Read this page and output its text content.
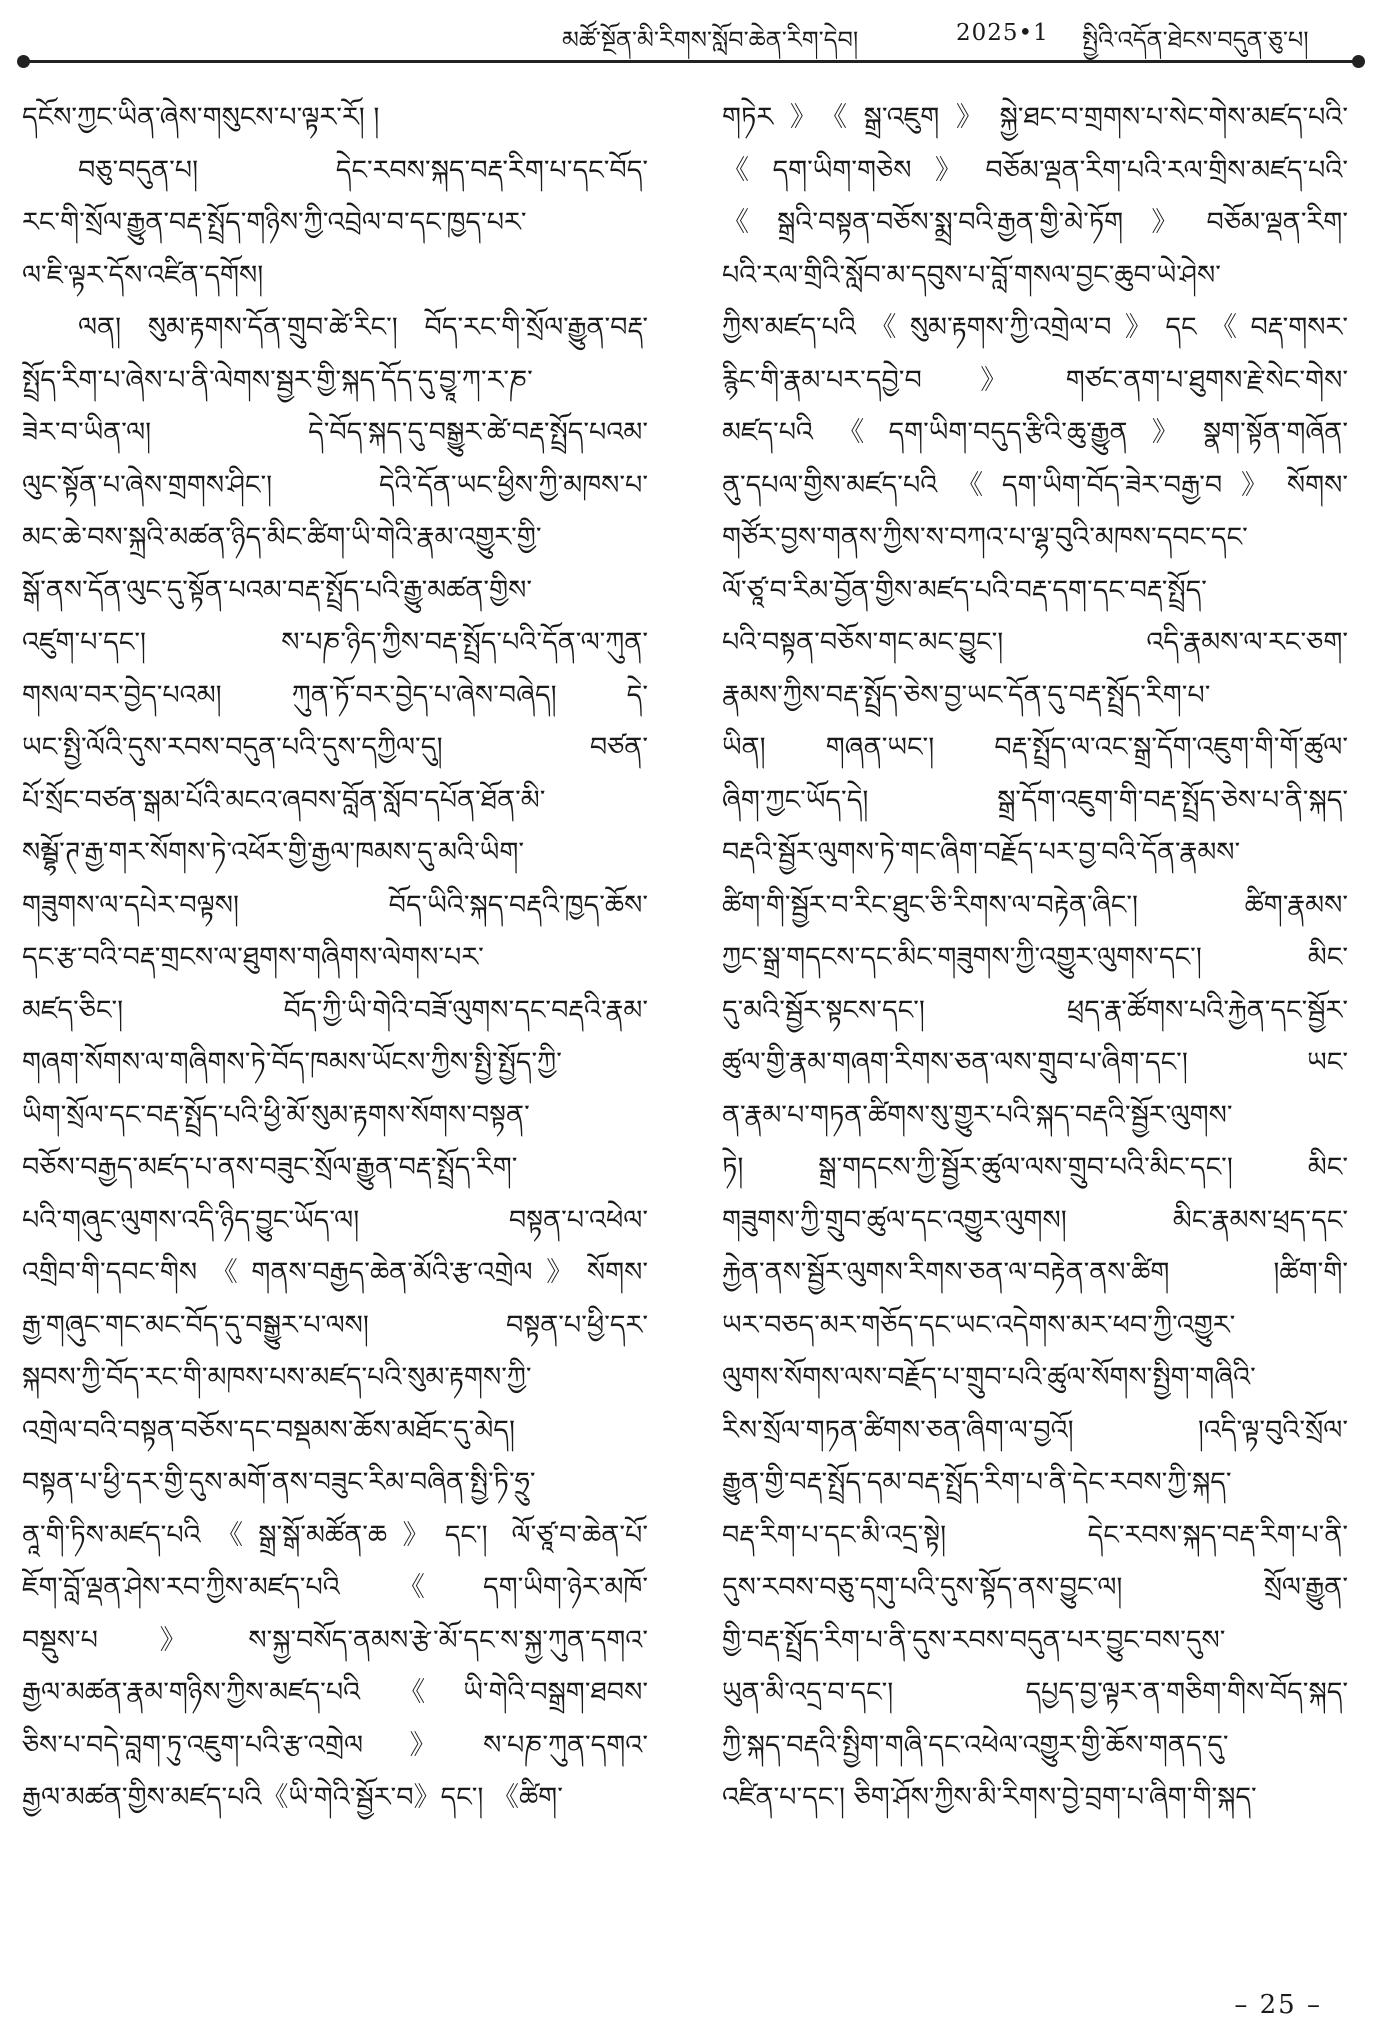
མཚོ་སྔོན་མི་རིགས་སློབ་ཆེན་རིག་དེབ།	2025•1 སྤྱིའི་འདོན་ཐེངས་བདུན་ཅུ་པ།
དངོས་ཀྱང་ཡིན་ཞེས་གསུངས་པ་ལྟར་རོ། །
བཅུ་བདུན་པ། དེང་རབས་སྐད་བརྡ་རིག་པ་དང་བོད་
རང་གི་སྲོལ་རྒྱུན་བརྡ་སྤྲོད་གཉིས་ཀྱི་འབྲེལ་བ་དང་ཁྱད་པར་
ལ་ཇི་ལྟར་དོས་འཛིན་དགོས།
ལན། སུམ་རྟགས་དོན་གྲུབ་ཚེ་རིང་། བོད་རང་གི་སྲོལ་རྒྱུན་བརྡ་
སྤྲོད་རིག་པ་ཞེས་པ་ནི་ལེགས་སྦྱར་གྱི་སྐད་དོད་དུ་བྱཱ་ཀ་ར་ཎ་
ཟེར་བ་ཡིན་ལ། དེ་བོད་སྐད་དུ་བསྒྱུར་ཚེ་བརྡ་སྤྲོད་པའམ་
ལུང་སྟོན་པ་ཞེས་གྲགས་ཤིང་། དེའི་དོན་ཡང་ཕྱིས་ཀྱི་མཁས་པ་
མང་ཆེ་བས་སྐྲའི་མཚན་ཉིད་མིང་ཚིག་ཡི་གེའི་རྣམ་འགྱུར་གྱི་
སྒོ་ནས་དོན་ལུང་དུ་སྟོན་པའམ་བརྡ་སྤྲོད་པའི་རྒྱུ་མཚན་གྱིས་
འཛུག་པ་དང་། ས་པཎ་ཉིད་ཀྱིས་བརྡ་སྤྲོད་པའི་དོན་ལ་ཀུན་
གསལ་བར་བྱེད་པའམ། ཀུན་ཏོ་བར་བྱེད་པ་ཞེས་བཞེད། དེ་
ཡང་སྤྱི་ལོའི་དུས་རབས་བདུན་པའི་དུས་དཀྱིལ་དུ། བཙན་
པོ་སྲོང་བཙན་སྒམ་པོའི་མངའ་ཞབས་བློན་སློབ་དཔོན་ཐོན་མི་
སམྦྷོ་ཊ་རྒྱ་གར་སོགས་ཏེ་འཕོར་གྱི་རྒྱལ་ཁམས་དུ་མའི་ཡིག་
གཟུགས་ལ་དཔེར་བལྟས། བོད་ཡིའི་སྐད་བརྡའི་ཁྱད་ཆོས་
དང་རྩ་བའི་བརྡ་གྲངས་ལ་ཐུགས་གཞིགས་ལེགས་པར་
མཛད་ཅིང་། བོད་ཀྱི་ཡི་གེའི་བཟོ་ལུགས་དང་བརྡའི་རྣམ་
གཞག་སོགས་ལ་གཞིགས་ཏེ་བོད་ཁམས་ཡོངས་ཀྱིས་སྤྱི་སྤྱོད་ཀྱི་
ཡིག་སྲོལ་དང་བརྡ་སྤྲོད་པའི་ཕྱི་མོ་སུམ་རྟགས་སོགས་བསྟན་
བཅོས་བརྒྱད་མཛད་པ་ནས་བཟུང་སྲོལ་རྒྱུན་བརྡ་སྤྲོད་རིག་
པའི་གཞུང་ལུགས་འདི་ཉིད་བྱུང་ཡོད་ལ། བསྟན་པ་འཕེལ་
འགྲིབ་གི་དབང་གིས《གནས་བརྒྱད་ཆེན་མོའི་རྩ་འགྲེལ》སོགས་
རྒྱ་གཞུང་གང་མང་བོད་དུ་བསྒྱུར་པ་ལས། བསྟན་པ་ཕྱི་དར་
སྐབས་ཀྱི་བོད་རང་གི་མཁས་པས་མཛད་པའི་སུམ་རྟགས་ཀྱི་
འགྲེལ་བའི་བསྟན་བཅོས་དང་བསྡམས་ཆོས་མཐོང་དུ་མེད།
བསྟན་པ་ཕྱི་དར་གྱི་དུས་མགོ་ནས་བཟུང་རིམ་བཞིན་སྤྱི་ཏི་ཧྲུ་
ནཱ་གི་ཏིས་མཛད་པའི《སྒྲ་སྒོ་མཚོན་ཆ》དང་། ལོ་ཙཱ་བ་ཆེན་པོ་
ཇོག་བློ་ལྡན་ཤེས་རབ་ཀྱིས་མཛད་པའི《དག་ཡིག་ཉེར་མཁོ་
བསྡུས་པ》ས་སྐྱ་བསོད་ནམས་རྩེ་མོ་དང་ས་སྐྱ་ཀུན་དགའ་
རྒྱལ་མཚན་རྣམ་གཉིས་ཀྱིས་མཛད་པའི《ཡི་གེའི་བསྒྲག་ཐབས་
ཅིས་པ་བདེ་བླག་ཏུ་འཇུག་པའི་རྩ་འགྲེལ》ས་པཎ་ཀུན་དགའ་
རྒྱལ་མཚན་གྱིས་མཛད་པའི《ཡི་གེའི་སྦྱོར་བ》དང་། 《ཚིག་
གཏེར》《སྒྲ་འཇུག》སྐྱེ་ཐང་བ་གྲགས་པ་སེང་གེས་མཛད་པའི་
《དག་ཡིག་གཅེས》བཅོམ་ལྡན་རིག་པའི་རལ་གྲིས་མཛད་པའི་
《སྒྲའི་བསྟན་བཅོས་སྨྲ་བའི་རྒྱན་གྱི་མེ་ཏོག》བཅོམ་ལྡན་རིག་
པའི་རལ་གྲིའི་སློབ་མ་དབུས་པ་བློ་གསལ་བྱང་ཆུབ་ཡེ་ཤེས་
ཀྱིས་མཛད་པའི《སུམ་རྟགས་ཀྱི་འགྲེལ་བ》དང《བརྡ་གསར་
རྙིང་གི་རྣམ་པར་དབྱེ་བ》གཙང་ནག་པ་ཐུགས་རྗེ་སེང་གེས་
མཛད་པའི《དག་ཡིག་བདུད་རྩིའི་ཆུ་རྒྱུན》སྣག་སྟོན་གཞོན་
ནུ་དཔལ་གྱིས་མཛད་པའི《དག་ཡིག་བོད་ཟེར་བརྒྱ་བ》སོགས་
གཙོར་བྱས་གནས་ཀྱིས་ས་བཀའ་པ་ལྷ་བུའི་མཁས་དབང་དང་
ལོ་ཙཱ་བ་རིམ་བྱོན་གྱིས་མཛད་པའི་བརྡ་དག་དང་བརྡ་སྤྲོད་
པའི་བསྟན་བཅོས་གང་མང་བྱུང་། འདི་རྣམས་ལ་རང་ཅག་
རྣམས་ཀྱིས་བརྡ་སྤྲོད་ཅེས་བྱ་ཡང་དོན་དུ་བརྡ་སྤྲོད་རིག་པ་
ཡིན། གཞན་ཡང་། བརྡ་སྤྲོད་ལ་འང་སྒྲ་དོག་འཇུག་གི་གོ་ཚུལ་
ཞིག་ཀྱང་ཡོད་དེ། སྒྲ་དོག་འཇུག་གི་བརྡ་སྤྲོད་ཅེས་པ་ནི་སྐད་
བརྡའི་སྦྱོར་ལུགས་ཏེ་གང་ཞིག་བརྗོད་པར་བྱ་བའི་དོན་རྣམས་
ཚིག་གི་སྦྱོར་བ་རིང་ཐུང་ཅི་རིགས་ལ་བརྟེན་ཞིང་། ཚིག་རྣམས་
ཀྱང་སྒྲ་གདངས་དང་མིང་གཟུགས་ཀྱི་འགྱུར་ལུགས་དང་། མིང་
དུ་མའི་སྦྱོར་སྟངས་དང་། ཕྲད་རྣ་ཚོགས་པའི་རྐྱེན་དང་སྦྱོར་
ཚུལ་གྱི་རྣམ་གཞག་རིགས་ཅན་ལས་གྲུབ་པ་ཞིག་དང་། ཡང་
ན་རྣམ་པ་གཏན་ཚིགས་སུ་གྱུར་པའི་སྐད་བརྡའི་སྦྱོར་ལུགས་
ཏེ། སྒྲ་གདངས་ཀྱི་སྦྱོར་ཚུལ་ལས་གྲུབ་པའི་མིང་དང་། མིང་
གཟུགས་ཀྱི་གྲུབ་ཚུལ་དང་འགྱུར་ལུགས། མིང་རྣམས་ཕྲད་དང་
རྐྱེན་ནས་སྦྱོར་ལུགས་རིགས་ཅན་ལ་བརྟེན་ནས་ཚིག །ཚིག་གི་
ཡར་བཅད་མར་གཅོད་དང་ཡང་འདེགས་མར་ཕབ་ཀྱི་འགྱུར་
ལུགས་སོགས་ལས་བརྗོད་པ་གྲུབ་པའི་ཚུལ་སོགས་སྤྱིག་གཞིའི་
རིས་སྲོལ་གཏན་ཚིགས་ཅན་ཞིག་ལ་བྱའོ། །འདི་ལྟ་བུའི་སྲོལ་
རྒྱུན་གྱི་བརྡ་སྤྲོད་དམ་བརྡ་སྤྲོད་རིག་པ་ནི་དེང་རབས་ཀྱི་སྐད་
བརྡ་རིག་པ་དང་མི་འདྲ་སྟེ། དེང་རབས་སྐད་བརྡ་རིག་པ་ནི་
དུས་རབས་བཅུ་དགུ་པའི་དུས་སྟོད་ནས་བྱུང་ལ། སྲོལ་རྒྱུན་
གྱི་བརྡ་སྤྲོད་རིག་པ་ནི་དུས་རབས་བདུན་པར་བྱུང་བས་དུས་
ཡུན་མི་འདྲ་བ་དང་། དཔྱད་བྱ་ལྟར་ན་གཅིག་གིས་བོད་སྐད་
ཀྱི་སྐད་བརྡའི་སྤྱིག་གཞི་དང་འཕེལ་འགྱུར་གྱི་ཆོས་གནད་དུ་
འཛིན་པ་དང་། ཅིག་ཤོས་ཀྱིས་མི་རིགས་བྱེ་བྲག་པ་ཞིག་གི་སྐད་
– 25 –
